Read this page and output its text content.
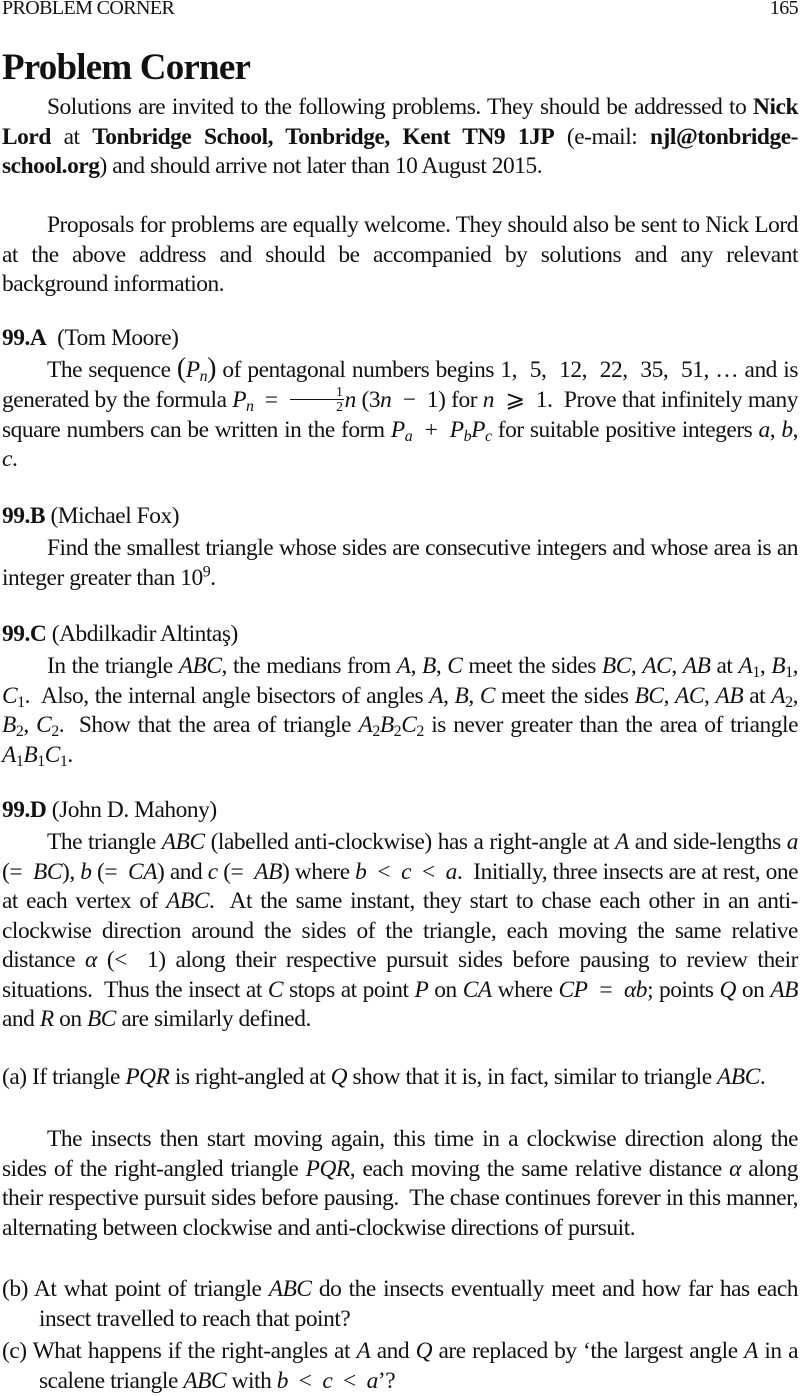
PROBLEM CORNER	165
Problem Corner

Solutions are invited to the following problems. They should be addressed to Nick Lord at Tonbridge School, Tonbridge, Kent TN9 1JP (e-mail: njl@tonbridge-school.org) and should arrive not later than 10 August 2015.

Proposals for problems are equally welcome. They should also be sent to Nick Lord at the above address and should be accompanied by solutions and any relevant background information.

99.A (Tom Moore)

The sequence $(P_n)$ of pentagonal numbers begins 1,  5,  12,  22,  35,  51, … and is generated by the formula $P_n = \frac{1}{2}$ n (3n  −  1) for n  ⩾  1.  Prove that infinitely many square numbers can be written in the form $P_a + P_bP_c$ for suitable positive integers a, b, c.

99.B (Michael Fox)

Find the smallest triangle whose sides are consecutive integers and whose area is an integer greater than $10^9$.

99.C (Abdilkadir Altintaş)

In the triangle ABC, the medians from A, B, C meet the sides BC, AC, AB at $A_1$, $B_1$, $C_1$.  Also, the internal angle bisectors of angles A, B, C meet the sides BC, AC, AB at $A_2$, $B_2$, $C_2$.  Show that the area of triangle $A_2B_2C_2$ is never greater than the area of triangle $A_1B_1C_1$.

99.D (John D. Mahony)

The triangle ABC (labelled anti-clockwise) has a right-angle at A and side-lengths a (=  BC), b (=  CA) and c (=  AB) where b  <  c  <  a.  Initially, three insects are at rest, one at each vertex of ABC.  At the same instant, they start to chase each other in an anti-clockwise direction around the sides of the triangle, each moving the same relative distance α (<  1) along their respective pursuit sides before pausing to review their situations.  Thus the insect at C stops at point P on CA where CP  =  αb; points Q on AB and R on BC are similarly defined.

(a) If triangle PQR is right-angled at Q show that it is, in fact, similar to triangle ABC.

The insects then start moving again, this time in a clockwise direction along the sides of the right-angled triangle PQR, each moving the same relative distance α along their respective pursuit sides before pausing.  The chase continues forever in this manner, alternating between clockwise and anti-clockwise directions of pursuit.

(b) At what point of triangle ABC do the insects eventually meet and how far has each insect travelled to reach that point?
(c) What happens if the right-angles at A and Q are replaced by ‘the largest angle A in a scalene triangle ABC with b  <  c  <  a’?
